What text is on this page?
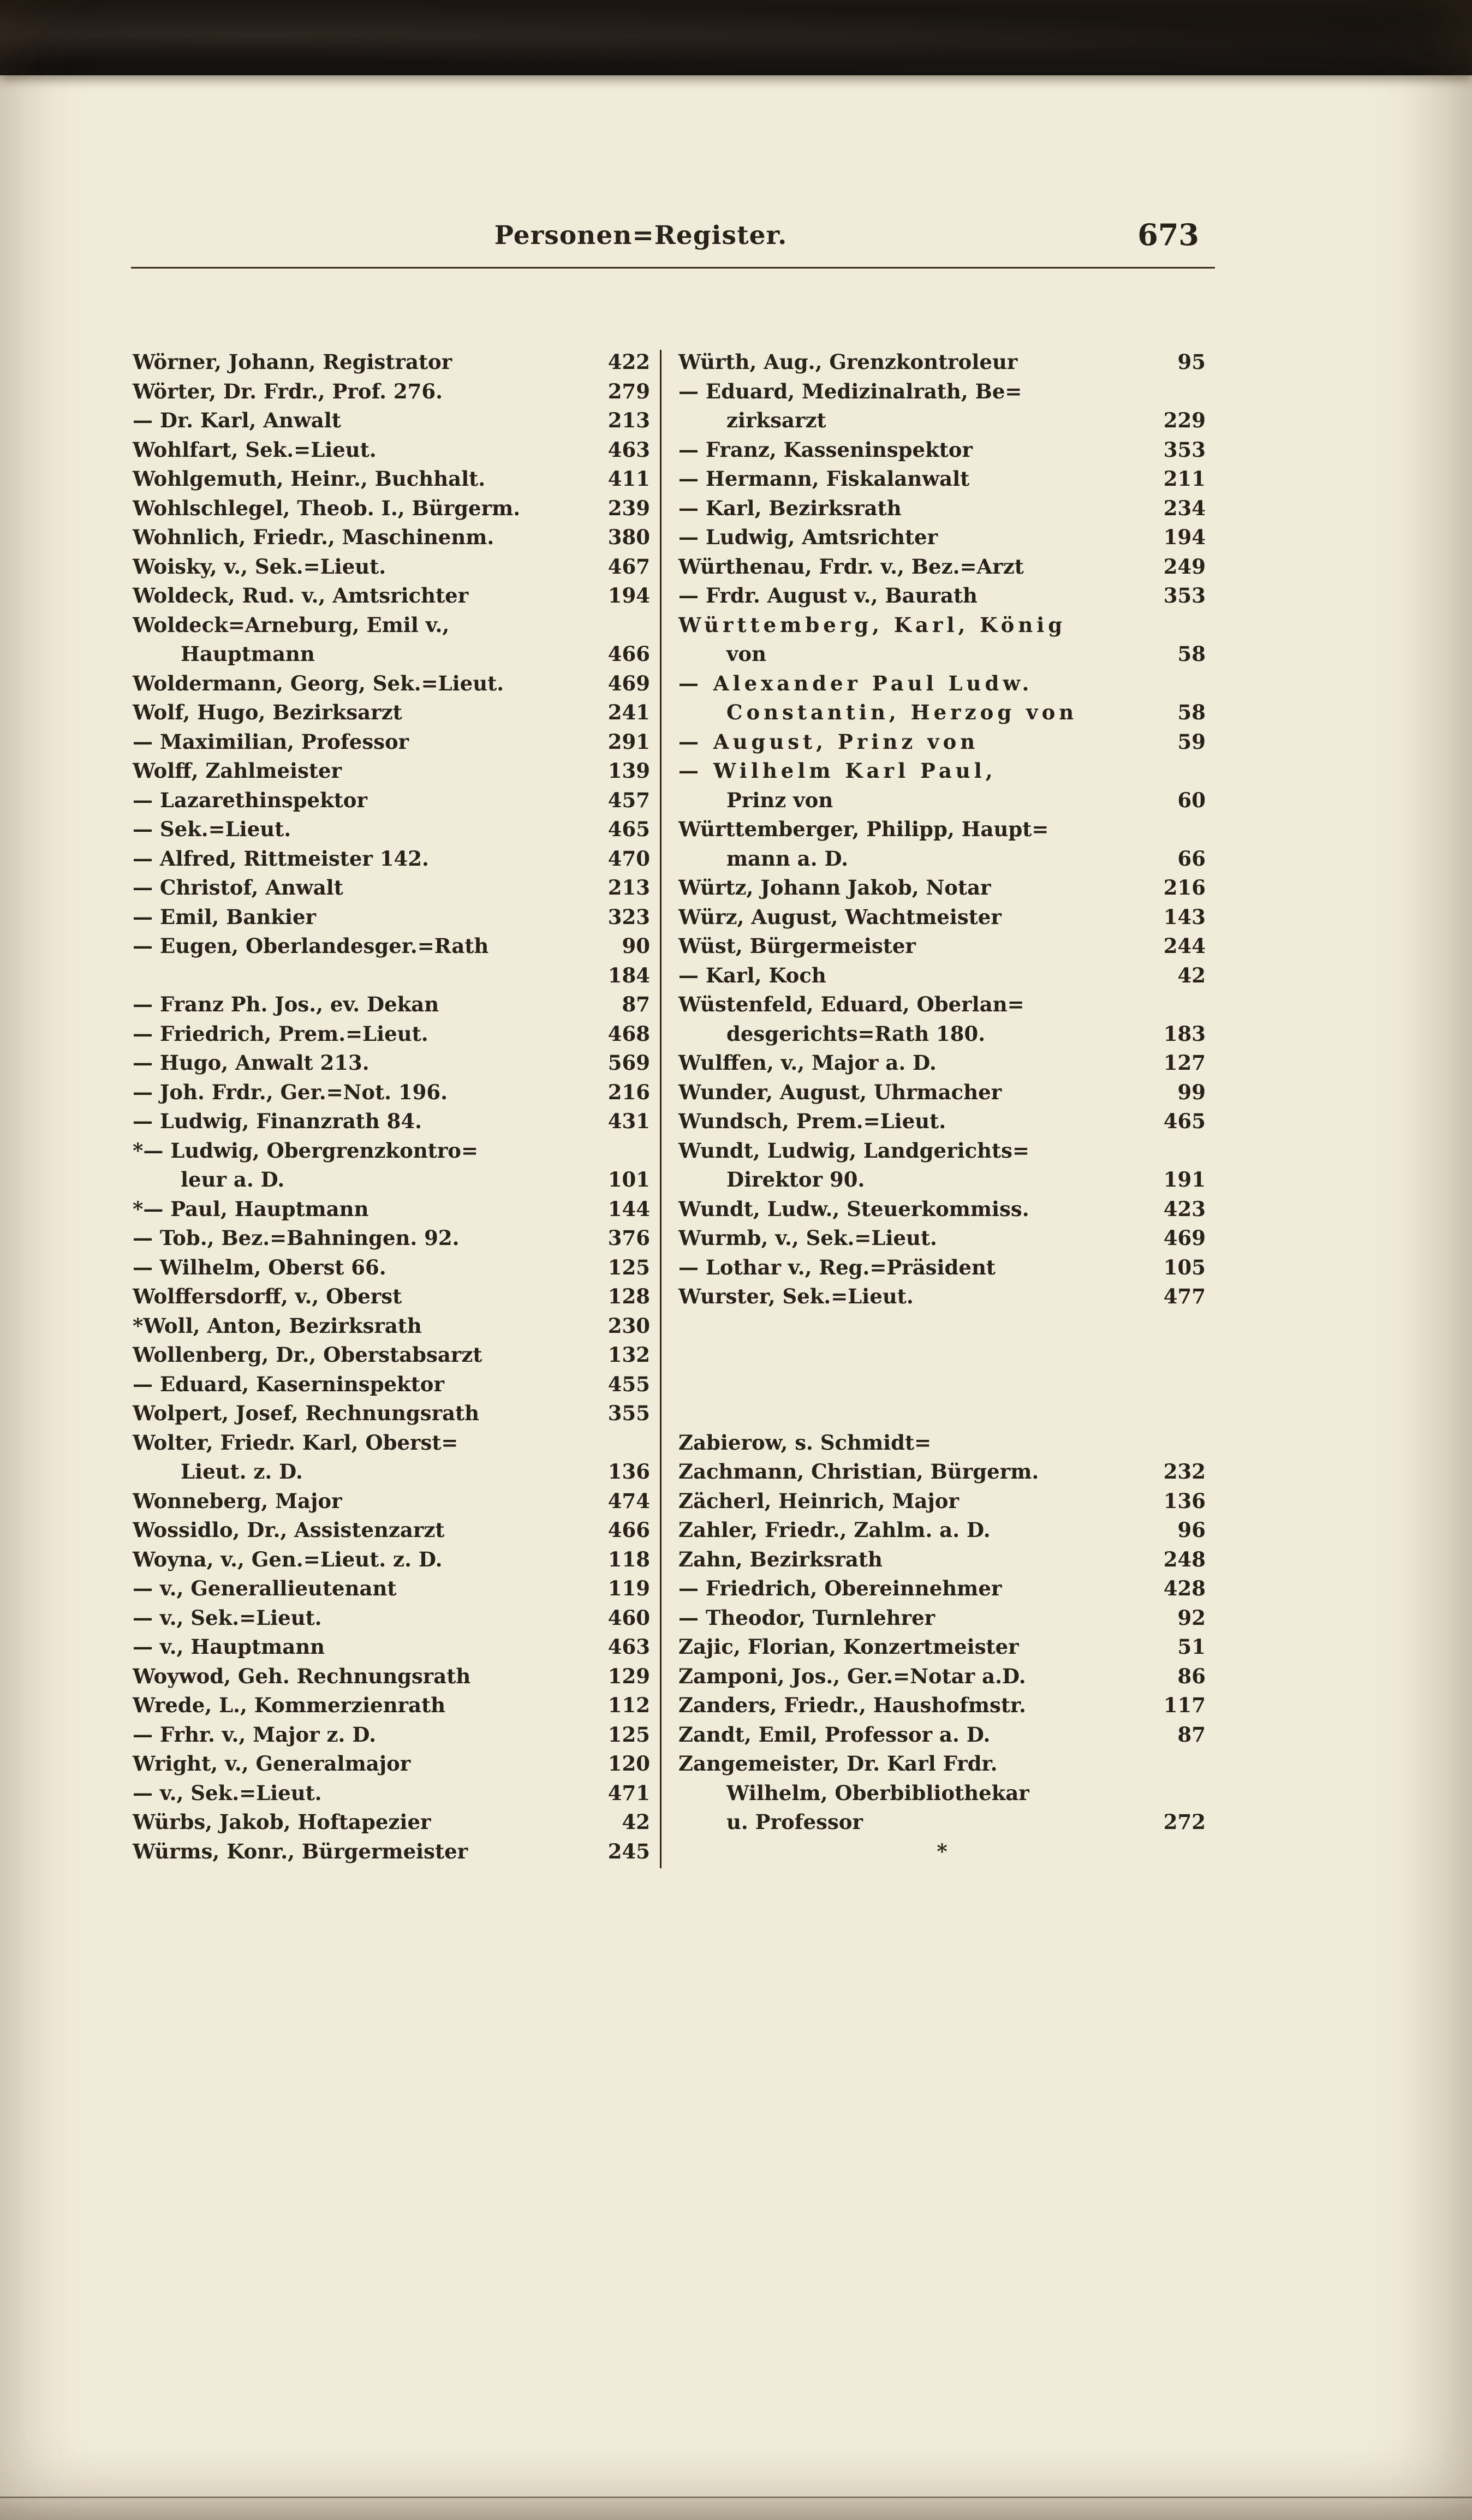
Personen=Register.	673
Wörner, Johann, Registrator	422
Wörter, Dr. Frdr., Prof. 276.	279
— Dr. Karl, Anwalt	213
Wohlfart, Sek.=Lieut.	463
Wohlgemuth, Heinr., Buchhalt.	411
Wohlschlegel, Theob. I., Bürgerm.	239
Wohnlich, Friedr., Maschinenm.	380
Woisky, v., Sek.=Lieut.	467
Woldeck, Rud. v., Amtsrichter	194
Woldeck=Arneburg, Emil v.,
Hauptmann	466
Woldermann, Georg, Sek.=Lieut.	469
Wolf, Hugo, Bezirksarzt	241
— Maximilian, Professor	291
Wolff, Zahlmeister	139
— Lazarethinspektor	457
— Sek.=Lieut.	465
— Alfred, Rittmeister 142.	470
— Christof, Anwalt	213
— Emil, Bankier	323
— Eugen, Oberlandesger.=Rath	90
184
— Franz Ph. Jos., ev. Dekan	87
— Friedrich, Prem.=Lieut.	468
— Hugo, Anwalt 213.	569
— Joh. Frdr., Ger.=Not. 196.	216
— Ludwig, Finanzrath 84.	431
*— Ludwig, Obergrenzkontro=
leur a. D.	101
*— Paul, Hauptmann	144
— Tob., Bez.=Bahningen. 92.	376
— Wilhelm, Oberst 66.	125
Wolffersdorff, v., Oberst	128
*Woll, Anton, Bezirksrath	230
Wollenberg, Dr., Oberstabsarzt	132
— Eduard, Kaserninspektor	455
Wolpert, Josef, Rechnungsrath	355
Wolter, Friedr. Karl, Oberst=
Lieut. z. D.	136
Wonneberg, Major	474
Wossidlo, Dr., Assistenzarzt	466
Woyna, v., Gen.=Lieut. z. D.	118
— v., Generallieutenant	119
— v., Sek.=Lieut.	460
— v., Hauptmann	463
Woywod, Geh. Rechnungsrath	129
Wrede, L., Kommerzienrath	112
— Frhr. v., Major z. D.	125
Wright, v., Generalmajor	120
— v., Sek.=Lieut.	471
Würbs, Jakob, Hoftapezier	42
Würms, Konr., Bürgermeister	245
Würth, Aug., Grenzkontroleur	95
— Eduard, Medizinalrath, Be=
zirksarzt	229
— Franz, Kasseninspektor	353
— Hermann, Fiskalanwalt	211
— Karl, Bezirksrath	234
— Ludwig, Amtsrichter	194
Würthenau, Frdr. v., Bez.=Arzt	249
— Frdr. August v., Baurath	353
Württemberg, Karl, König
von	58
— Alexander Paul Ludw.
Constantin, Herzog von	58
— August, Prinz von	59
— Wilhelm Karl Paul,
Prinz von	60
Württemberger, Philipp, Haupt=
mann a. D.	66
Würtz, Johann Jakob, Notar	216
Würz, August, Wachtmeister	143
Wüst, Bürgermeister	244
— Karl, Koch	42
Wüstenfeld, Eduard, Oberlan=
desgerichts=Rath 180.	183
Wulffen, v., Major a. D.	127
Wunder, August, Uhrmacher	99
Wundsch, Prem.=Lieut.	465
Wundt, Ludwig, Landgerichts=
Direktor 90.	191
Wundt, Ludw., Steuerkommiss.	423
Wurmb, v., Sek.=Lieut.	469
— Lothar v., Reg.=Präsident	105
Wurster, Sek.=Lieut.	477
Zabierow, s. Schmidt=
Zachmann, Christian, Bürgerm.	232
Zächerl, Heinrich, Major	136
Zahler, Friedr., Zahlm. a. D.	96
Zahn, Bezirksrath	248
— Friedrich, Obereinnehmer	428
— Theodor, Turnlehrer	92
Zajic, Florian, Konzertmeister	51
Zamponi, Jos., Ger.=Notar a.D.	86
Zanders, Friedr., Haushofmstr.	117
Zandt, Emil, Professor a. D.	87
Zangemeister, Dr. Karl Frdr.
Wilhelm, Oberbibliothekar
u. Professor	272
*
